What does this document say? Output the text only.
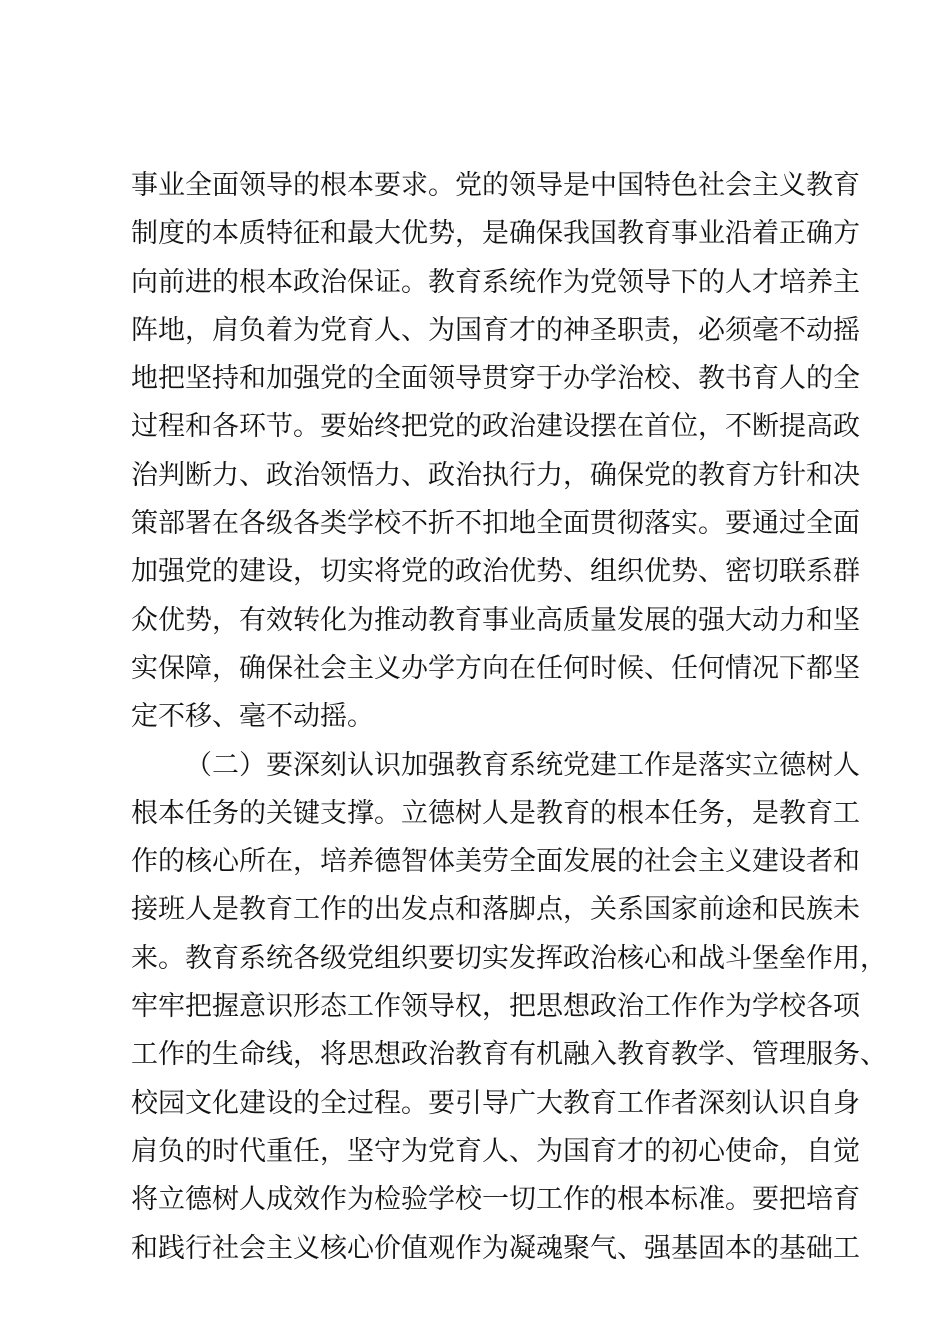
事业全面领导的根本要求。党的领导是中国特色社会主义教育
制度的本质特征和最大优势，是确保我国教育事业沿着正确方
向前进的根本政治保证。教育系统作为党领导下的人才培养主
阵地，肩负着为党育人、为国育才的神圣职责，必须毫不动摇
地把坚持和加强党的全面领导贯穿于办学治校、教书育人的全
过程和各环节。要始终把党的政治建设摆在首位，不断提高政
治判断力、政治领悟力、政治执行力，确保党的教育方针和决
策部署在各级各类学校不折不扣地全面贯彻落实。要通过全面
加强党的建设，切实将党的政治优势、组织优势、密切联系群
众优势，有效转化为推动教育事业高质量发展的强大动力和坚
实保障，确保社会主义办学方向在任何时候、任何情况下都坚
定不移、毫不动摇。
（二）要深刻认识加强教育系统党建工作是落实立德树人
根本任务的关键支撑。立德树人是教育的根本任务，是教育工
作的核心所在，培养德智体美劳全面发展的社会主义建设者和
接班人是教育工作的出发点和落脚点，关系国家前途和民族未
来。教育系统各级党组织要切实发挥政治核心和战斗堡垒作用，
牢牢把握意识形态工作领导权，把思想政治工作作为学校各项
工作的生命线，将思想政治教育有机融入教育教学、管理服务、
校园文化建设的全过程。要引导广大教育工作者深刻认识自身
肩负的时代重任，坚守为党育人、为国育才的初心使命，自觉
将立德树人成效作为检验学校一切工作的根本标准。要把培育
和践行社会主义核心价值观作为凝魂聚气、强基固本的基础工
